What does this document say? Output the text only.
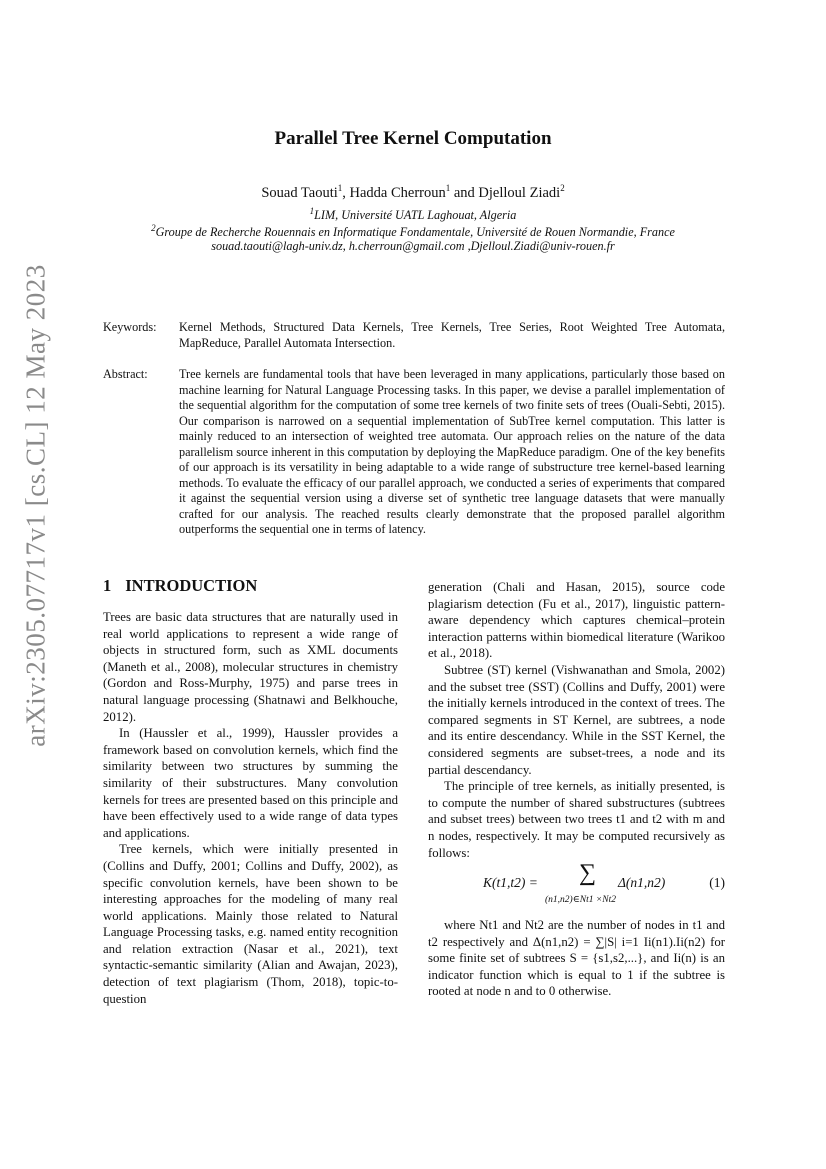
arXiv:2305.07717v1 [cs.CL] 12 May 2023
Parallel Tree Kernel Computation
Souad Taouti$^1$, Hadda Cherroun$^1$ and Djelloul Ziadi$^2$
$^1$LIM, Université UATL Laghouat, Algeria
$^2$Groupe de Recherche Rouennais en Informatique Fondamentale, Université de Rouen Normandie, France
souad.taouti@lagh-univ.dz, h.cherroun@gmail.com ,Djelloul.Ziadi@univ-rouen.fr
Keywords:	Kernel Methods, Structured Data Kernels, Tree Kernels, Tree Series, Root Weighted Tree Automata, MapReduce, Parallel Automata Intersection.
Abstract:	Tree kernels are fundamental tools that have been leveraged in many applications, particularly those based on machine learning for Natural Language Processing tasks. In this paper, we devise a parallel implementation of the sequential algorithm for the computation of some tree kernels of two finite sets of trees (Ouali-Sebti, 2015). Our comparison is narrowed on a sequential implementation of SubTree kernel computation. This latter is mainly reduced to an intersection of weighted tree automata. Our approach relies on the nature of the data parallelism source inherent in this computation by deploying the MapReduce paradigm. One of the key benefits of our approach is its versatility in being adaptable to a wide range of substructure tree kernel-based learning methods. To evaluate the efficacy of our parallel approach, we conducted a series of experiments that compared it against the sequential version using a diverse set of synthetic tree language datasets that were manually crafted for our analysis. The reached results clearly demonstrate that the proposed parallel algorithm outperforms the sequential one in terms of latency.
1 INTRODUCTION

Trees are basic data structures that are naturally used in real world applications to represent a wide range of objects in structured form, such as XML documents (Maneth et al., 2008), molecular structures in chemistry (Gordon and Ross-Murphy, 1975) and parse trees in natural language processing (Shatnawi and Belkhouche, 2012).

In (Haussler et al., 1999), Haussler provides a framework based on convolution kernels, which find the similarity between two structures by summing the similarity of their substructures. Many convolution kernels for trees are presented based on this principle and have been effectively used to a wide range of data types and applications.

Tree kernels, which were initially presented in (Collins and Duffy, 2001; Collins and Duffy, 2002), as specific convolution kernels, have been shown to be interesting approaches for the modeling of many real world applications. Mainly those related to Natural Language Processing tasks, e.g. named entity recognition and relation extraction (Nasar et al., 2021), text syntactic-semantic similarity (Alian and Awajan, 2023), detection of text plagiarism (Thom, 2018), topic-to-question

generation (Chali and Hasan, 2015), source code plagiarism detection (Fu et al., 2017), linguistic pattern-aware dependency which captures chemical–protein interaction patterns within biomedical literature (Warikoo et al., 2018).

Subtree (ST) kernel (Vishwanathan and Smola, 2002) and the subset tree (SST) (Collins and Duffy, 2001) were the initially kernels introduced in the context of trees. The compared segments in ST Kernel, are subtrees, a node and its entire descendancy. While in the SST Kernel, the considered segments are subset-trees, a node and its partial descendancy.

The principle of tree kernels, as initially presented, is to compute the number of shared substructures (subtrees and subset trees) between two trees t1 and t2 with m and n nodes, respectively. It may be computed recursively as follows:

K(t1,t2) = ∑
(n1,n2)∈Nt1 ×Nt2
Δ(n1,n2)	(1)

where Nt1 and Nt2 are the number of nodes in t1 and t2 respectively and Δ(n1,n2) = ∑|S| i=1 Ii(n1).Ii(n2) for some finite set of subtrees S = {s1,s2,...}, and Ii(n) is an indicator function which is equal to 1 if the subtree is rooted at node n and to 0 otherwise.
